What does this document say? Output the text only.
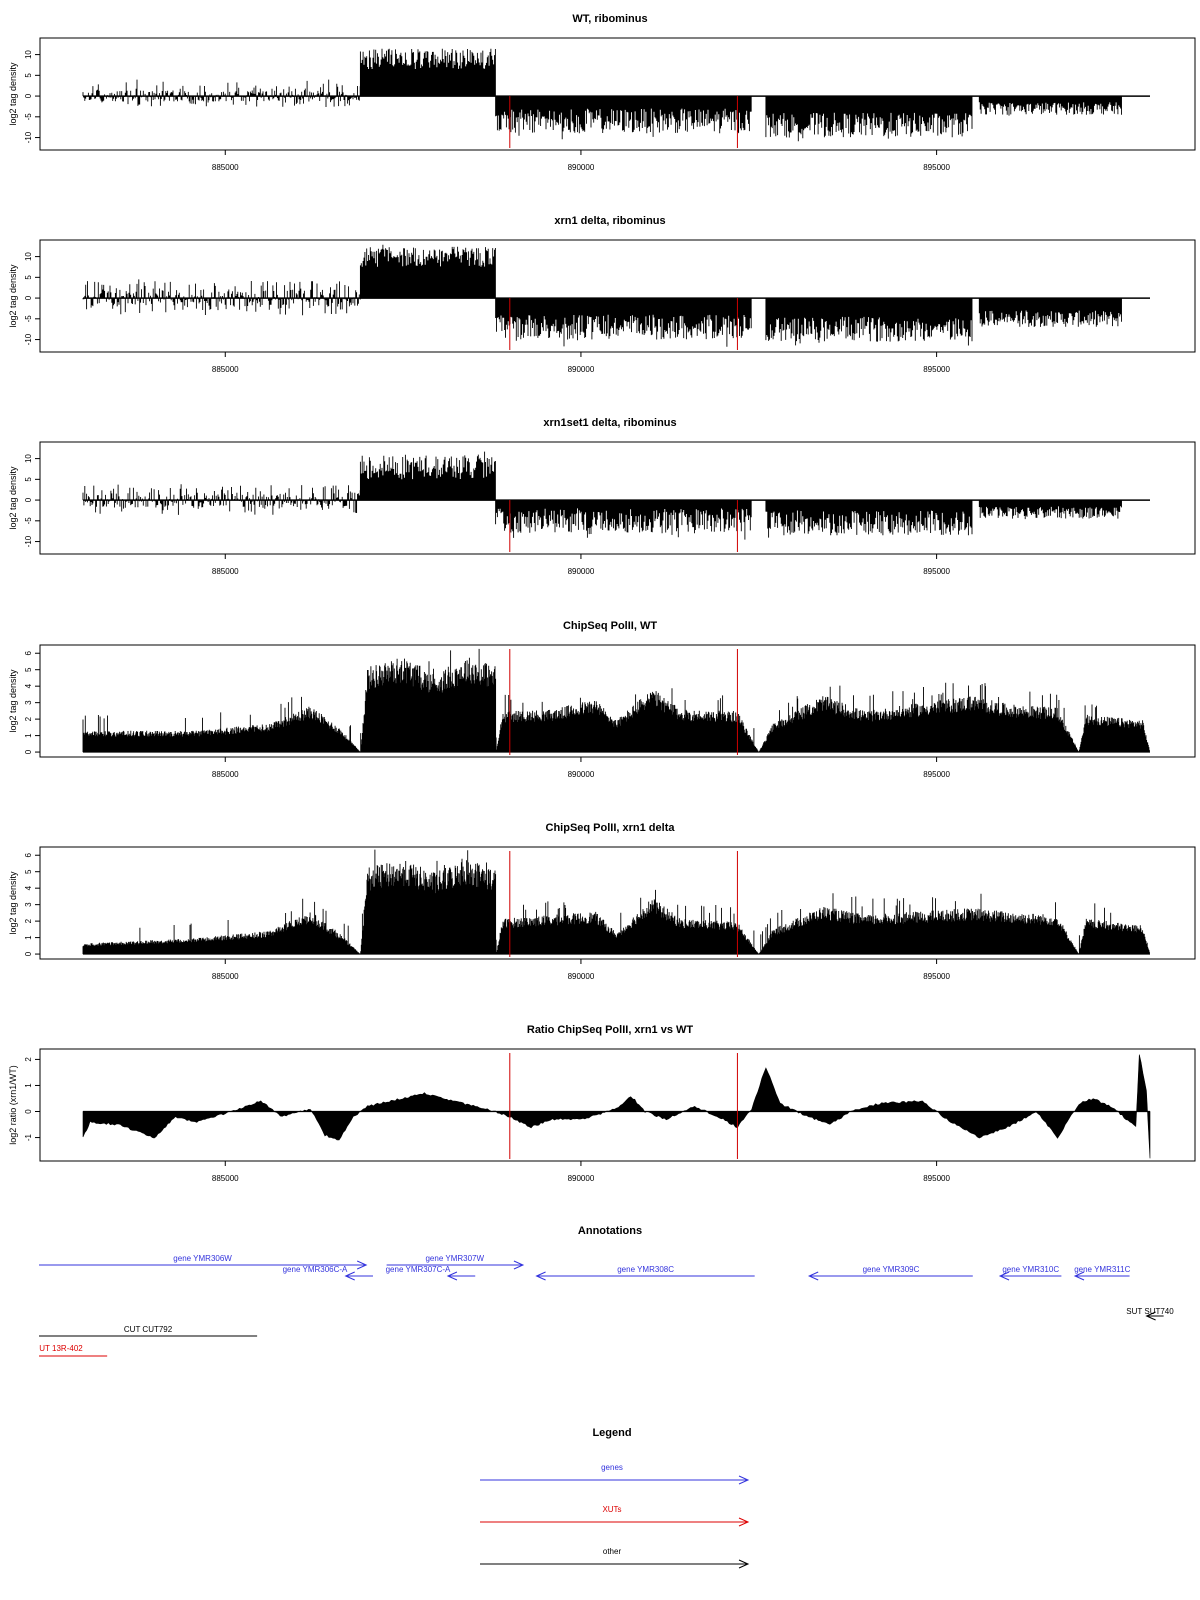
WT, ribominus
10
5
0
-5
-10
log2 tag density
885000	890000	895000
xrn1 delta, ribominus
10
5
0
-5
-10
log2 tag density
885000	890000	895000
xrn1set1 delta, ribominus
10
5
0
-5
-10
log2 tag density
885000	890000	895000
ChipSeq PolII, WT
0
1
2
3
4
5
6
log2 tag density
885000	890000	895000
ChipSeq PolII, xrn1 delta
0
1
2
3
4
5
6
log2 tag density
885000	890000	895000
Ratio ChipSeq PolII, xrn1 vs WT
-1
0
1
2
log2 ratio (xrn1/WT)
885000	890000	895000
Annotations
gene YMR306W
gene YMR306C-A
gene YMR307W
gene YMR307C-A	gene YMR308C	gene YMR309C	gene YMR310C gene YMR311C
CUT CUT792
SUT SUT740
UT 13R-402
Legend
genes
XUTs
other
